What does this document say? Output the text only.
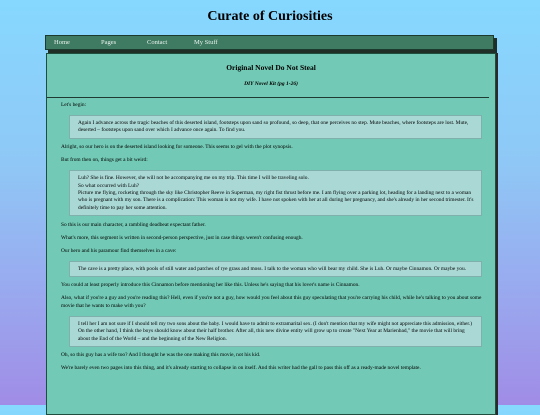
Curate of Curiosities
Home	Pages	Contact	My Stuff
Original Novel Do Not Steal
DIY Novel Kit (pg 1-26)

Let's begin:

Again I advance across the tragic beaches of this deserted island, footsteps upon sand so profound, so deep, that one perceives no step. Mute beaches, where footsteps are lost. Mute, deserted – footsteps upon sand over which I advance once again. To find you.

Alright, so our hero is on the deserted island looking for someone. This seems to gel with the plot synopsis.

But from then on, things get a bit weird:

Luh? She is fine. However, she will not be accompanying me on my trip. This time I will be traveling solo.
So what occurred with Luh?
Picture me flying, rocketing through the sky like Christopher Reeve in Superman, my right fist thrust before me. I am flying over a parking lot, heading for a landing next to a woman who is pregnant with my son. There is a complication: This woman is not my wife. I have not spoken with her at all during her pregnancy, and she's already in her second trimester. It's definitely time to pay her some attention.

So this is our main character, a rambling deadbeat expectant father.

What's more, this segment is written in second-person perspective, just in case things weren't confusing enough.

Our hero and his paramour find themselves in a cave:

The cave is a pretty place, with pools of still water and patches of rye grass and moss. I talk to the woman who will bear my child. She is Luh. Or maybe Cinnamon. Or maybe you.

You could at least properly introduce this Cinnamon before mentioning her like this. Unless he's saying that his lover's name is Cinnamon.

Also, what if you're a guy and you're reading this? Hell, even if you're not a guy, how would you feel about this guy speculating that you're carrying his child, while he's talking to you about some movie that he wants to make with you?

I tell her I am not sure if I should tell my two sons about the baby. I would have to admit to extramarital sex. (I don't mention that my wife might not appreciate this admission, either.) On the other hand, I think the boys should know about their half brother. After all, this new divine entity will grow up to create "Next Year at Marienbad," the movie that will bring about the End of the World – and the beginning of the New Religion.

Oh, so this guy has a wife too? And I thought he was the one making this movie, not his kid.

We're barely even two pages into this thing, and it's already starting to collapse in on itself. And this writer had the gall to pass this off as a ready-made novel template.
